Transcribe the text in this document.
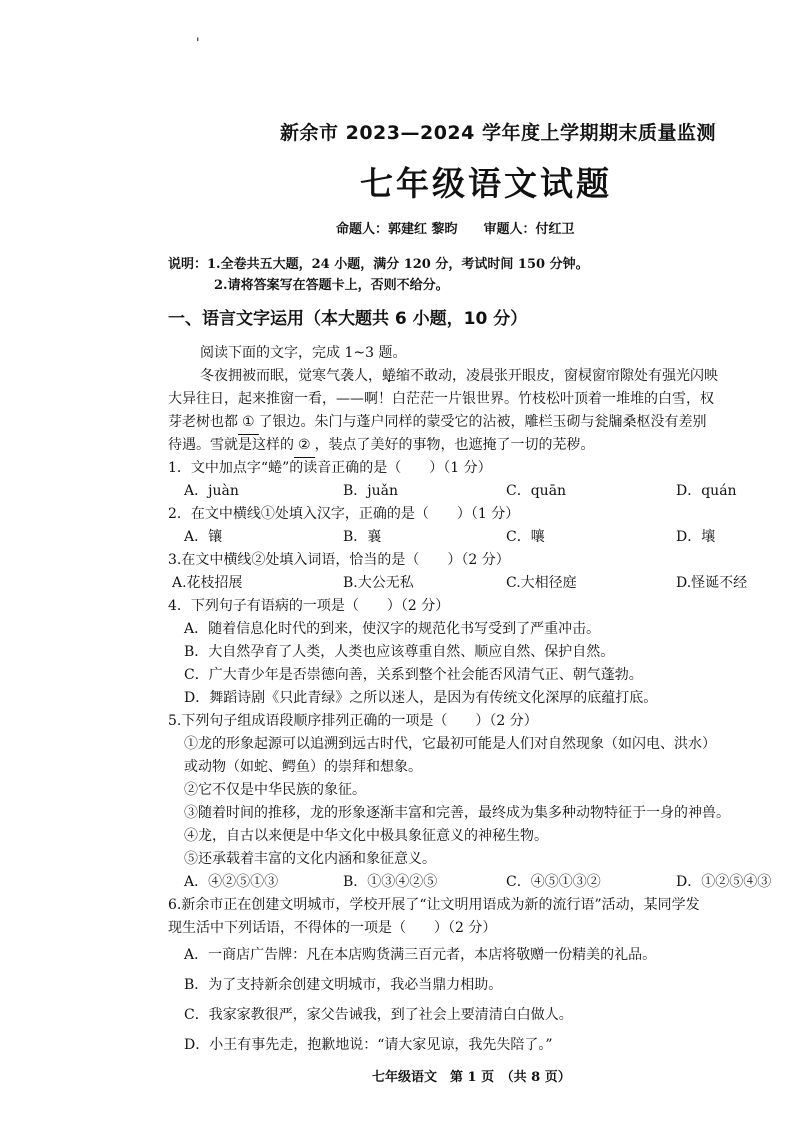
'
新余市 2023—2024 学年度上学期期末质量监测
七年级语文试题
命题人：郭建红 黎昀 审题人：付红卫
说明：1.全卷共五大题，24 小题，满分 120 分，考试时间 150 分钟。
2.请将答案写在答题卡上，否则不给分。
一、语言文字运用（本大题共 6 小题，10 分）
阅读下面的文字，完成 1~3 题。
冬夜拥被而眠，觉寒气袭人，蜷缩不敢动，凌晨张开眼皮，窗棂窗帘隙处有强光闪映
大异往日，起来推窗一看，——啊！白茫茫一片银世界。竹枝松叶顶着一堆堆的白雪，权
芽老树也都 ① 了银边。朱门与蓬户同样的蒙受它的沾被，雕栏玉砌与瓮牖桑枢没有差别
待遇。雪就是这样的 ② ，装点了美好的事物，也遮掩了一切的芜秽。
1．文中加点字“蜷”的读音正确的是（　　）（1 分）
A．juàn	B．juǎn	C．quān	D．quán
2．在文中横线①处填入汉字，正确的是（　　）（1 分）
A．镶	B．襄	C．嚷	D．壤
3.在文中横线②处填入词语，恰当的是（　　）（2 分）
A.花枝招展	B.大公无私	C.大相径庭	D.怪诞不经
4．下列句子有语病的一项是（　　）（2 分）
A．随着信息化时代的到来，使汉字的规范化书写受到了严重冲击。
B．大自然孕育了人类，人类也应该尊重自然、顺应自然、保护自然。
C．广大青少年是否崇德向善，关系到整个社会能否风清气正、朝气蓬勃。
D．舞蹈诗剧《只此青绿》之所以迷人，是因为有传统文化深厚的底蕴打底。
5.下列句子组成语段顺序排列正确的一项是（　　）（2 分）
①龙的形象起源可以追溯到远古时代，它最初可能是人们对自然现象（如闪电、洪水）
或动物（如蛇、鳄鱼）的崇拜和想象。
②它不仅是中华民族的象征。
③随着时间的推移，龙的形象逐渐丰富和完善，最终成为集多种动物特征于一身的神兽。
④龙，自古以来便是中华文化中极具象征意义的神秘生物。
⑤还承载着丰富的文化内涵和象征意义。
A．④②⑤①③	B．①③④②⑤	C．④⑤①③②	D．①②⑤④③
6.新余市正在创建文明城市，学校开展了“让文明用语成为新的流行语”活动，某同学发
现生活中下列话语，不得体的一项是（　　）（2 分）
A．一商店广告牌：凡在本店购货满三百元者，本店将敬赠一份精美的礼品。
B．为了支持新余创建文明城市，我必当鼎力相助。
C．我家家教很严，家父告诫我，到了社会上要清清白白做人。
D．小王有事先走，抱歉地说：“请大家见谅，我先失陪了。”
七年级语文　第 1 页　（共 8 页）
